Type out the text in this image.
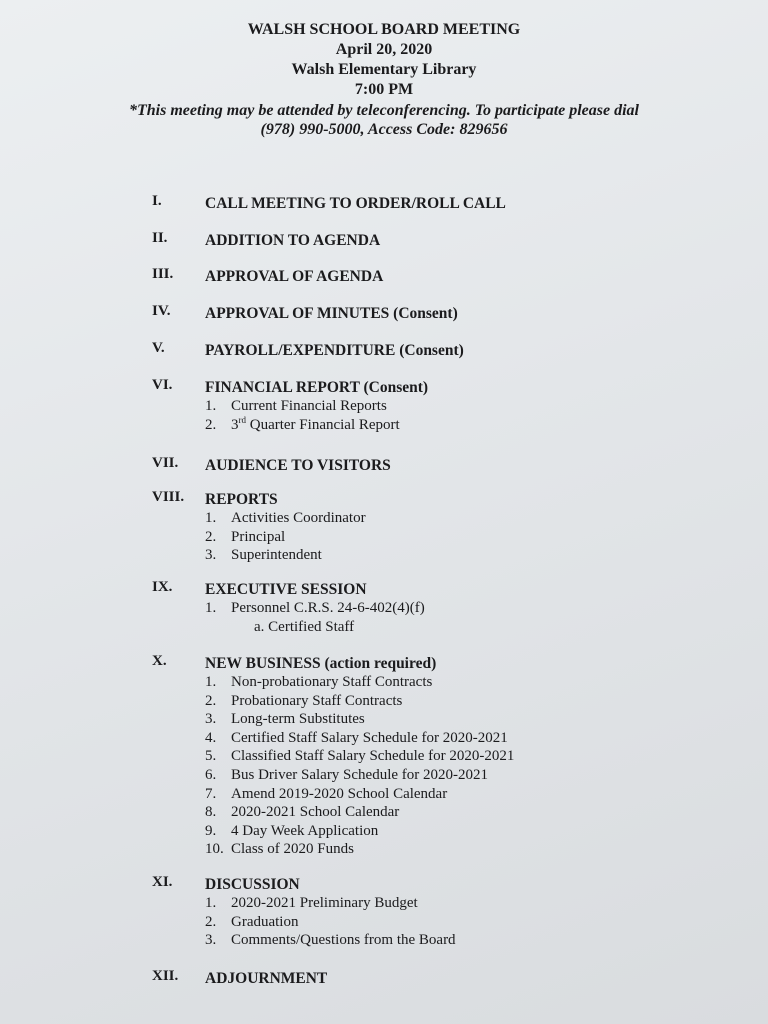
WALSH SCHOOL BOARD MEETING
April 20, 2020
Walsh Elementary Library
7:00 PM
*This meeting may be attended by teleconferencing. To participate please dial
(978) 990-5000, Access Code: 829656
I.	CALL MEETING TO ORDER/ROLL CALL
II.	ADDITION TO AGENDA
III.	APPROVAL OF AGENDA
IV.	APPROVAL OF MINUTES (Consent)
V.	PAYROLL/EXPENDITURE (Consent)
VI.	FINANCIAL REPORT (Consent)
1. Current Financial Reports
2. 3rd Quarter Financial Report
VII.	AUDIENCE TO VISITORS
VIII.	REPORTS
1. Activities Coordinator
2. Principal
3. Superintendent
IX.	EXECUTIVE SESSION
1. Personnel C.R.S. 24-6-402(4)(f)
a. Certified Staff
X.	NEW BUSINESS (action required)
1. Non-probationary Staff Contracts
2. Probationary Staff Contracts
3. Long-term Substitutes
4. Certified Staff Salary Schedule for 2020-2021
5. Classified Staff Salary Schedule for 2020-2021
6. Bus Driver Salary Schedule for 2020-2021
7. Amend 2019-2020 School Calendar
8. 2020-2021 School Calendar
9. 4 Day Week Application
10. Class of 2020 Funds
XI.	DISCUSSION
1. 2020-2021 Preliminary Budget
2. Graduation
3. Comments/Questions from the Board
XII.	ADJOURNMENT
